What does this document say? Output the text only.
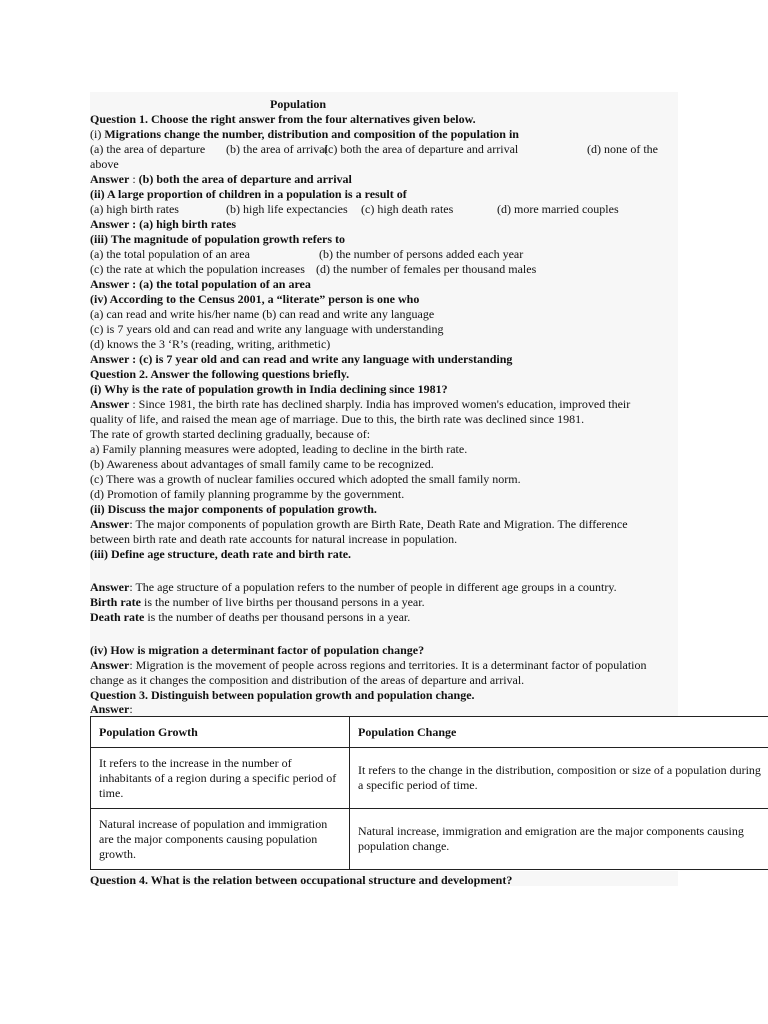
Population
Question 1. Choose the right answer from the four alternatives given below.
(i) Migrations change the number, distribution and composition of the population in
(a) the area of departure (b) the area of arrival
(c) both the area of departure and arrival	(d) none of the
above
Answer : (b) both the area of departure and arrival
(ii) A large proportion of children in a population is a result of
(a) high birth rates	(b) high life expectancies (c) high death rates	(d) more married couples
Answer : (a) high birth rates
(iii) The magnitude of population growth refers to
(a) the total population of an area	(b) the number of persons added each year
(c) the rate at which the population increases (d) the number of females per thousand males
Answer : (a) the total population of an area
(iv) According to the Census 2001, a “literate” person is one who
(a) can read and write his/her name (b) can read and write any language
(c) is 7 years old and can read and write any language with understanding
(d) knows the 3 ‘R’s (reading, writing, arithmetic)
Answer : (c) is 7 year old and can read and write any language with understanding
Question 2. Answer the following questions briefly.
(i) Why is the rate of population growth in India declining since 1981?
Answer : Since 1981, the birth rate has declined sharply. India has improved women's education, improved their
quality of life, and raised the mean age of marriage. Due to this, the birth rate was declined since 1981.
The rate of growth started declining gradually, because of:
a) Family planning measures were adopted, leading to decline in the birth rate.
(b) Awareness about advantages of small family came to be recognized.
(c) There was a growth of nuclear families occured which adopted the small family norm.
(d) Promotion of family planning programme by the government.
(ii) Discuss the major components of population growth.
Answer: The major components of population growth are Birth Rate, Death Rate and Migration. The difference
between birth rate and death rate accounts for natural increase in population.
(iii) Define age structure, death rate and birth rate.
Answer: The age structure of a population refers to the number of people in different age groups in a country.
Birth rate is the number of live births per thousand persons in a year.
Death rate is the number of deaths per thousand persons in a year.
(iv) How is migration a determinant factor of population change?
Answer: Migration is the movement of people across regions and territories. It is a determinant factor of population
change as it changes the composition and distribution of the areas of departure and arrival.
Question 3. Distinguish between population growth and population change.
Answer:
Population Growth	Population Change
It refers to the increase in the number of inhabitants of a region during a specific period of time.	It refers to the change in the distribution, composition or size of a population during a specific period of time.
Natural increase of population and immigration are the major components causing population growth.	Natural increase, immigration and emigration are the major components causing population change.
Question 4. What is the relation between occupational structure and development?
